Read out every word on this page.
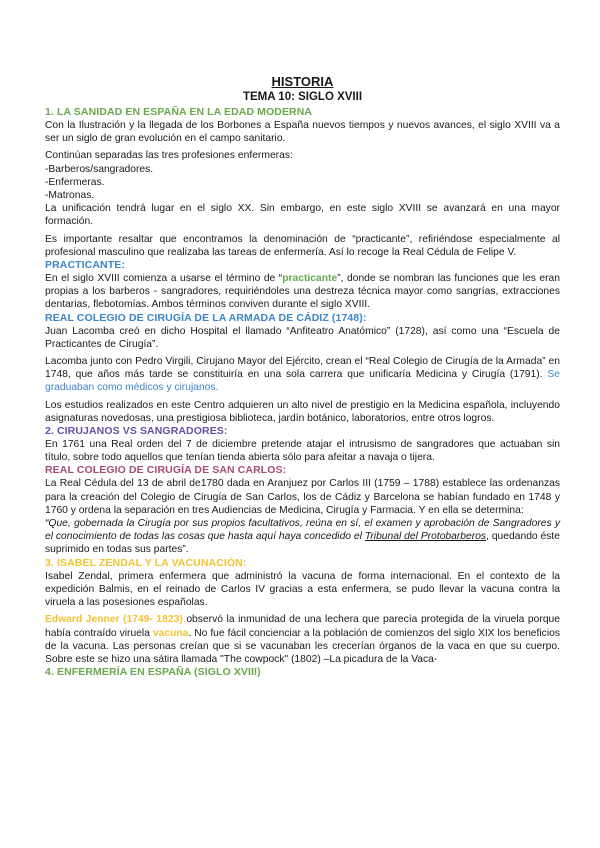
HISTORIA
TEMA 10: SIGLO XVIII
1. LA SANIDAD EN ESPAÑA EN LA EDAD MODERNA

Con la Ilustración y la llegada de los Borbones a España nuevos tiempos y nuevos avances, el siglo XVIII va a ser un siglo de gran evolución en el campo sanitario.

Continúan separadas las tres profesiones enfermeras:

-Barberos/sangradores.

-Enfermeras.

-Matronas.

La unificación tendrá lugar en el siglo XX. Sin embargo, en este siglo XVIII se avanzará en una mayor formación.

Es importante resaltar que encontramos la denominación de “practicante”, refiriéndose especialmente al profesional masculino que realizaba las tareas de enfermería. Así lo recoge la Real Cédula de Felipe V.

PRACTICANTE:

En el siglo XVIII comienza a usarse el término de “practicante”, donde se nombran las funciones que les eran propias a los barberos - sangradores, requiriéndoles una destreza técnica mayor como sangrías, extracciones dentarias, flebotomías. Ambos términos conviven durante el siglo XVIII.

REAL COLEGIO DE CIRUGÍA DE LA ARMADA DE CÁDIZ (1748):

Juan Lacomba creó en dicho Hospital el llamado “Anfiteatro Anatómico” (1728), así como una “Escuela de Practicantes de Cirugía”.

Lacomba junto con Pedro Virgili, Cirujano Mayor del Ejército, crean el “Real Colegio de Cirugía de la Armada” en 1748, que años más tarde se constituiría en una sola carrera que unificaría Medicina y Cirugía (1791). Se graduaban como médicos y cirujanos.

Los estudios realizados en este Centro adquieren un alto nivel de prestigio en la Medicina española, incluyendo asignaturas novedosas, una prestigiosa biblioteca, jardín botánico, laboratorios, entre otros logros.

2. CIRUJANOS VS SANGRADORES:

En 1761 una Real orden del 7 de diciembre pretende atajar el intrusismo de sangradores que actuaban sin título, sobre todo aquellos que tenían tienda abierta sólo para afeitar a navaja o tijera.

REAL COLEGIO DE CIRUGÍA DE SAN CARLOS:

La Real Cédula del 13 de abril de1780 dada en Aranjuez por Carlos III (1759 – 1788) establece las ordenanzas para la creación del Colegio de Cirugía de San Carlos, los de Cádiz y Barcelona se habían fundado en 1748 y 1760 y ordena la separación en tres Audiencias de Medicina, Cirugía y Farmacia. Y en ella se determina:

“Que, gobernada la Cirugía por sus propios facultativos, reúna en sí, el examen y aprobación de Sangradores y el conocimiento de todas las cosas que hasta aquí haya concedido el Tribunal del Protobarberos, quedando éste suprimido en todas sus partes”.

3. ISABEL ZENDAL Y LA VACUNACIÓN:

Isabel Zendal, primera enfermera que administró la vacuna de forma internacional. En el contexto de la expedición Balmis, en el reinado de Carlos IV gracias a esta enfermera, se pudo llevar la vacuna contra la viruela a las posesiones españolas.

Edward Jenner (1749- 1823) observó la inmunidad de una lechera que parecía protegida de la viruela porque había contraído viruela vacuna. No fue fácil concienciar a la población de comienzos del siglo XIX los beneficios de la vacuna. Las personas creían que si se vacunaban les crecerían órganos de la vaca en que su cuerpo. Sobre este se hizo una sátira llamada "The cowpock" (1802) –La picadura de la Vaca-

4. ENFERMERÍA EN ESPAÑA (SIGLO XVIII)
